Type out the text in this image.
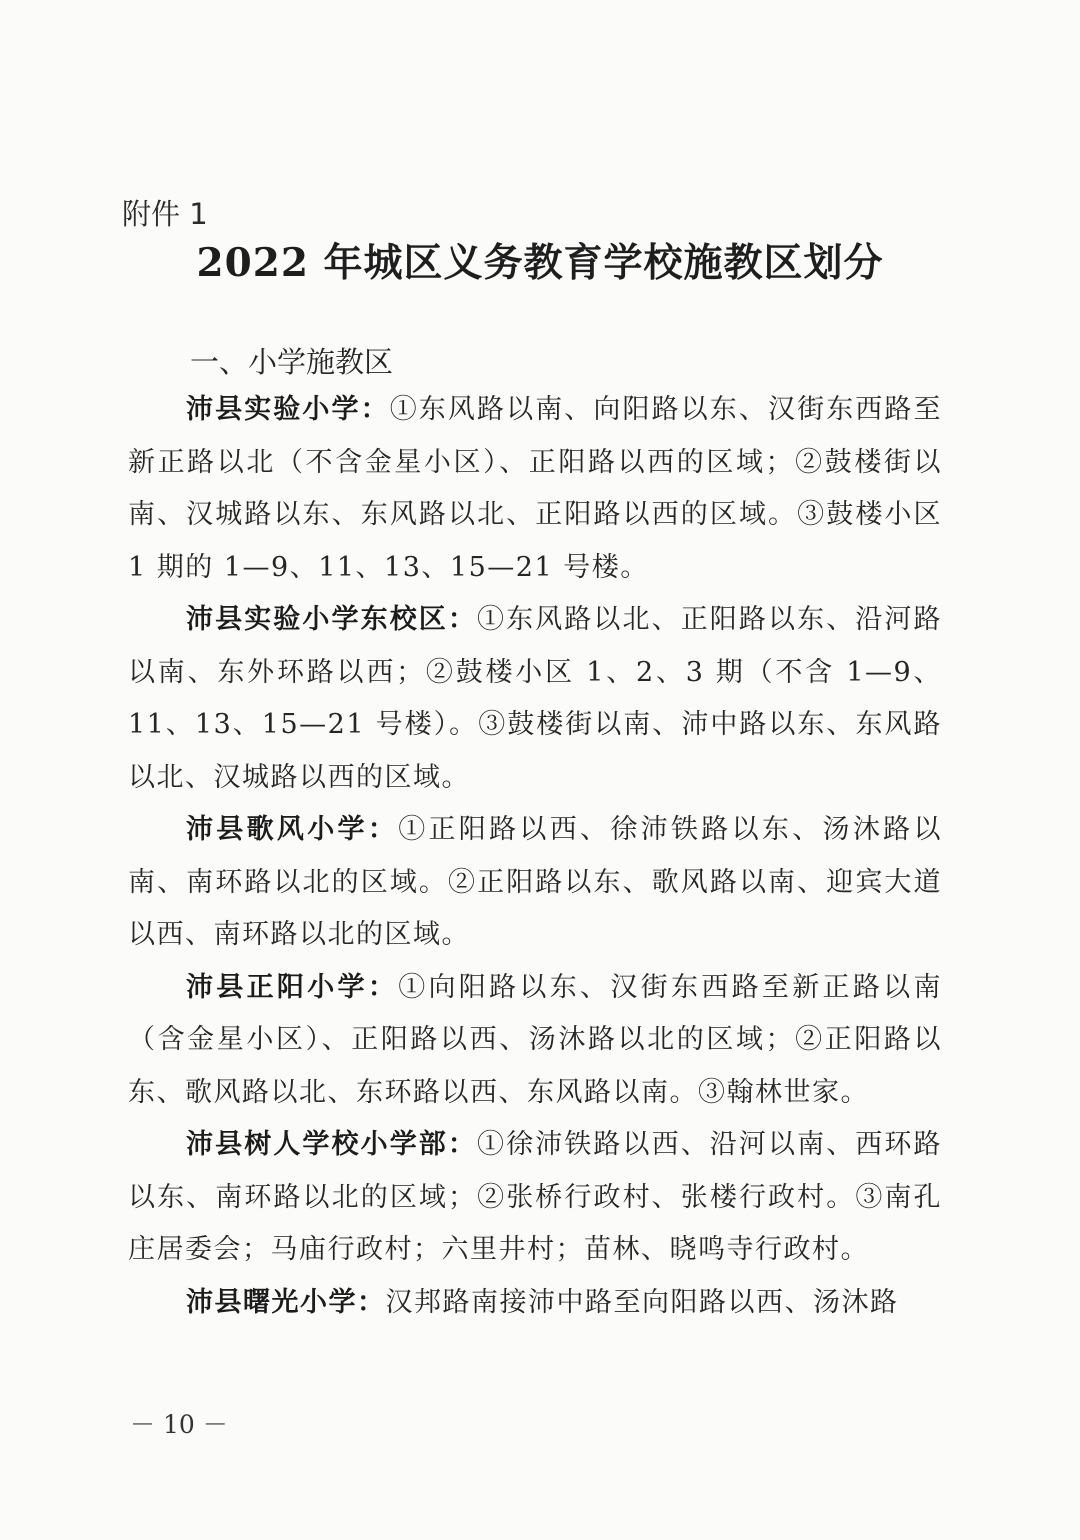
附件 1
2022 年城区义务教育学校施教区划分
一、小学施教区

沛县实验小学：①东风路以南、向阳路以东、汉街东西路至新正路以北（不含金星小区）、正阳路以西的区域；②鼓楼街以南、汉城路以东、东风路以北、正阳路以西的区域。③鼓楼小区 1 期的 1—9、11、13、15—21 号楼。

沛县实验小学东校区：①东风路以北、正阳路以东、沿河路以南、东外环路以西；②鼓楼小区 1、2、3 期（不含 1—9、11、13、15—21 号楼）。③鼓楼街以南、沛中路以东、东风路以北、汉城路以西的区域。

沛县歌风小学：①正阳路以西、徐沛铁路以东、汤沐路以南、南环路以北的区域。②正阳路以东、歌风路以南、迎宾大道以西、南环路以北的区域。

沛县正阳小学：①向阳路以东、汉街东西路至新正路以南（含金星小区）、正阳路以西、汤沐路以北的区域；②正阳路以东、歌风路以北、东环路以西、东风路以南。③翰林世家。

沛县树人学校小学部：①徐沛铁路以西、沿河以南、西环路以东、南环路以北的区域；②张桥行政村、张楼行政村。③南孔庄居委会；马庙行政村；六里井村；苗林、晓鸣寺行政村。

沛县曙光小学：汉邦路南接沛中路至向阳路以西、汤沐路

－ 10 －
